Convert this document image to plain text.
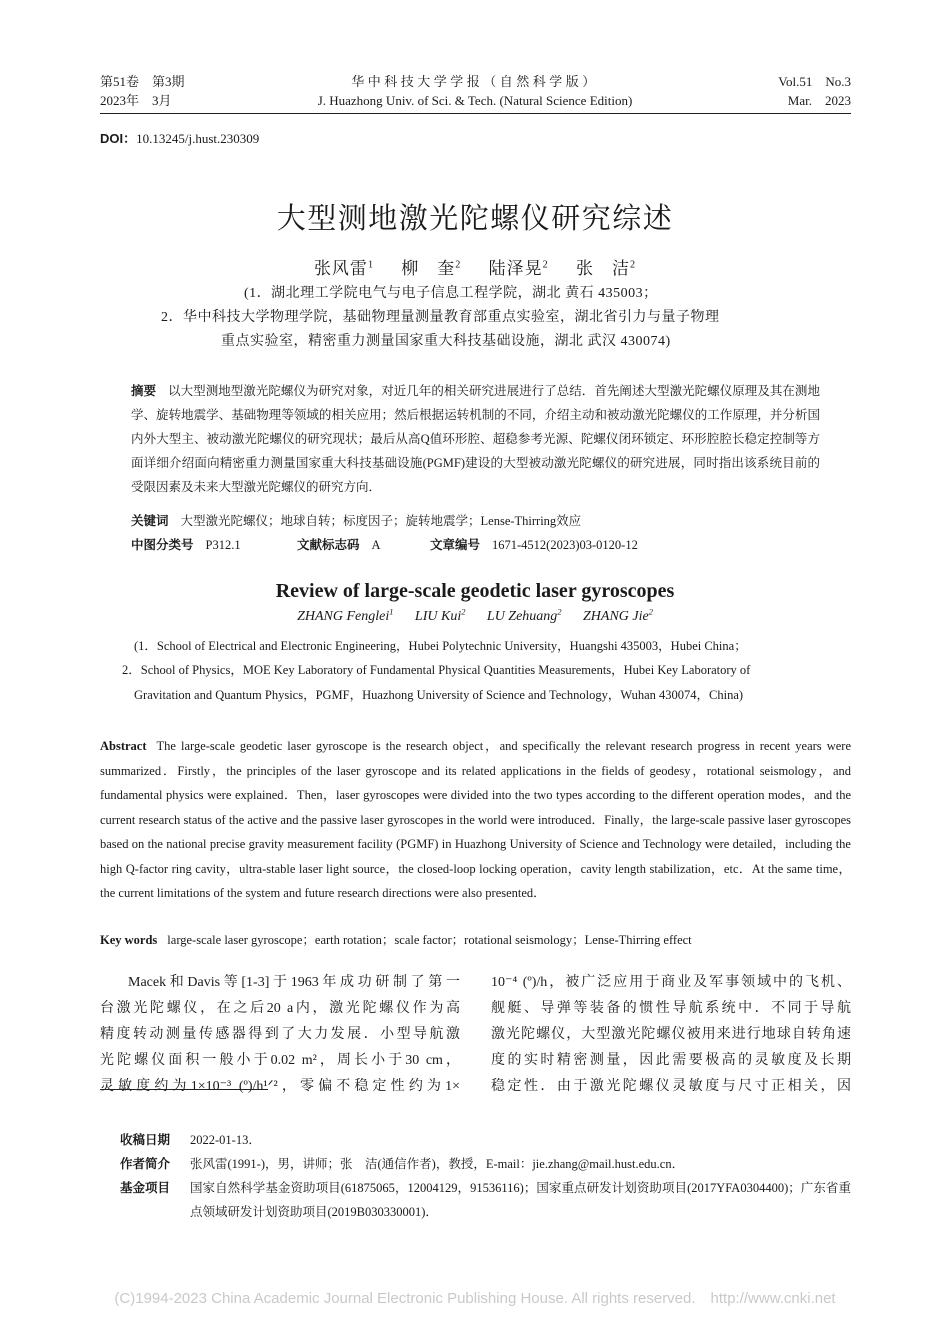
第51卷　第3期
2023年　3月
华中科技大学学报（自然科学版）
J. Huazhong Univ. of Sci. & Tech. (Natural Science Edition)
Vol.51　No.3
Mar.　2023
DOI：10.13245/j.hust.230309
大型测地激光陀螺仪研究综述
张风雷$^1$ 柳　奎$^2$ 陆泽晃$^2$ 张　洁$^2$
(1．湖北理工学院电气与电子信息工程学院，湖北 黄石 435003；
2．华中科技大学物理学院，基础物理量测量教育部重点实验室，湖北省引力与量子物理
重点实验室，精密重力测量国家重大科技基础设施，湖北 武汉 430074)
摘要 以大型测地型激光陀螺仪为研究对象，对近几年的相关研究进展进行了总结．首先阐述大型激光陀螺仪原理及其在测地学、旋转地震学、基础物理等领域的相关应用；然后根据运转机制的不同，介绍主动和被动激光陀螺仪的工作原理，并分析国内外大型主、被动激光陀螺仪的研究现状；最后从高Q值环形腔、超稳参考光源、陀螺仪闭环锁定、环形腔腔长稳定控制等方面详细介绍面向精密重力测量国家重大科技基础设施(PGMF)建设的大型被动激光陀螺仪的研究进展，同时指出该系统目前的受限因素及未来大型激光陀螺仪的研究方向．
关键词 大型激光陀螺仪；地球自转；标度因子；旋转地震学；Lense-Thirring效应
中图分类号 P312.1	文献标志码 A	文章编号 1671-4512(2023)03-0120-12
Review of large-scale geodetic laser gyroscopes
ZHANG Fenglei$^1$ LIU Kui$^2$ LU Zehuang$^2$ ZHANG Jie$^2$
(1．School of Electrical and Electronic Engineering，Hubei Polytechnic University，Huangshi 435003，Hubei China；
2．School of Physics，MOE Key Laboratory of Fundamental Physical Quantities Measurements，Hubei Key Laboratory of
Gravitation and Quantum Physics，PGMF，Huazhong University of Science and Technology，Wuhan 430074，China)
Abstract The large-scale geodetic laser gyroscope is the research object，and specifically the relevant research progress in recent years were summarized．Firstly，the principles of the laser gyroscope and its related applications in the fields of geodesy，rotational seismology，and fundamental physics were explained．Then，laser gyroscopes were divided into the two types according to the different operation modes，and the current research status of the active and the passive laser gyroscopes in the world were introduced．Finally，the large-scale passive laser gyroscopes based on the national precise gravity measurement facility (PGMF) in Huazhong University of Science and Technology were detailed，including the high Q-factor ring cavity，ultra-stable laser light source，the closed-loop locking operation，cavity length stabilization，etc．At the same time，the current limitations of the system and future research directions were also presented．
Key words large-scale laser gyroscope；earth rotation；scale factor；rotational seismology；Lense-Thirring effect
Macek和Davis等[1-3]于1963年成功研制了第一
台激光陀螺仪，在之后20 a内，激光陀螺仪作为高
精度转动测量传感器得到了大力发展．小型导航激
光陀螺仪面积一般小于0.02 m²，周长小于30 cm，
灵敏度约为1×10⁻³ (º)/h¹ᐟ²，零偏不稳定性约为1×
10⁻⁴ (º)/h，被广泛应用于商业及军事领域中的飞机、
舰艇、导弹等装备的惯性导航系统中．不同于导航
激光陀螺仪，大型激光陀螺仪被用来进行地球自转角速
度的实时精密测量，因此需要极高的灵敏度及长期
稳定性．由于激光陀螺仪灵敏度与尺寸正相关，因
收稿日期 2022-01-13．
作者简介 张风雷(1991-)，男，讲师；张　洁(通信作者)，教授，E-mail：jie.zhang@mail.hust.edu.cn．
基金项目 国家自然科学基金资助项目(61875065，12004129，91536116)；国家重点研发计划资助项目(2017YFA0304400)；广东省重点领域研发计划资助项目(2019B030330001)．
(C)1994-2023 China Academic Journal Electronic Publishing House. All rights reserved.　http://www.cnki.net
